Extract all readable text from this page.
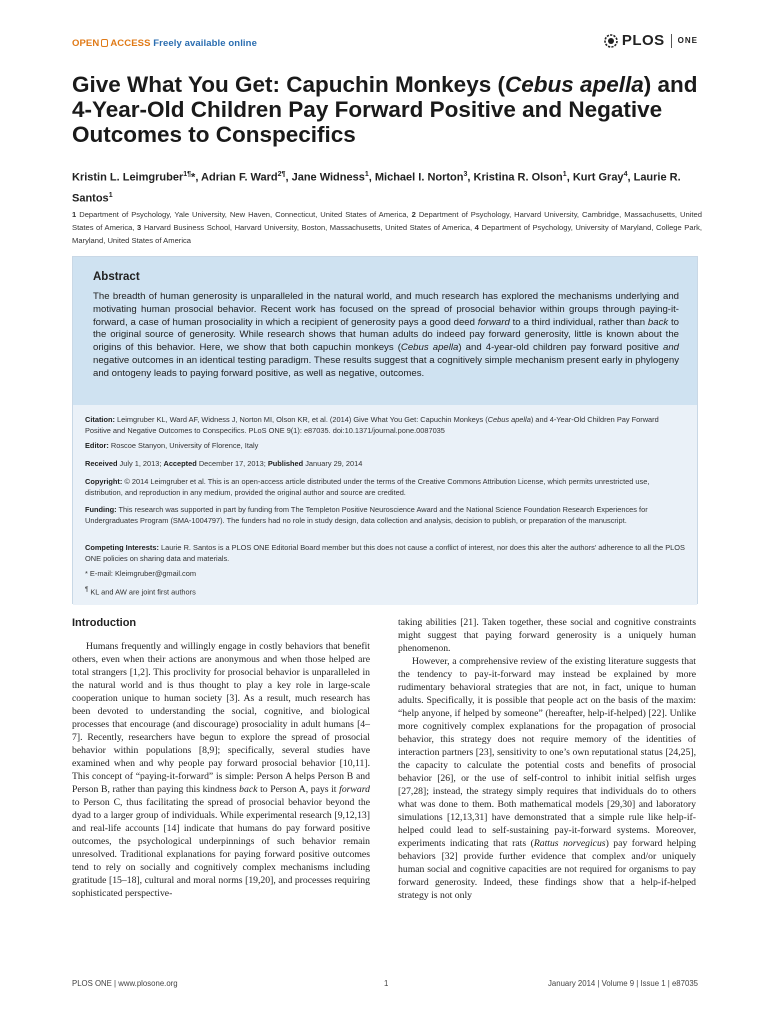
OPEN ACCESS Freely available online	PLOS ONE
Give What You Get: Capuchin Monkeys (Cebus apella) and 4-Year-Old Children Pay Forward Positive and Negative Outcomes to Conspecifics
Kristin L. Leimgruber$^{1\P}$*, Adrian F. Ward$^{2\P}$, Jane Widness$^1$, Michael I. Norton$^3$, Kristina R. Olson$^1$, Kurt Gray$^4$, Laurie R. Santos$^1$
1 Department of Psychology, Yale University, New Haven, Connecticut, United States of America, 2 Department of Psychology, Harvard University, Cambridge, Massachusetts, United States of America, 3 Harvard Business School, Harvard University, Boston, Massachusetts, United States of America, 4 Department of Psychology, University of Maryland, College Park, Maryland, United States of America
Abstract
The breadth of human generosity is unparalleled in the natural world, and much research has explored the mechanisms underlying and motivating human prosocial behavior. Recent work has focused on the spread of prosocial behavior within groups through paying-it-forward, a case of human prosociality in which a recipient of generosity pays a good deed forward to a third individual, rather than back to the original source of generosity. While research shows that human adults do indeed pay forward generosity, little is known about the origins of this behavior. Here, we show that both capuchin monkeys (Cebus apella) and 4-year-old children pay forward positive and negative outcomes in an identical testing paradigm. These results suggest that a cognitively simple mechanism present early in phylogeny and ontogeny leads to paying forward positive, as well as negative, outcomes.
Citation: Leimgruber KL, Ward AF, Widness J, Norton MI, Olson KR, et al. (2014) Give What You Get: Capuchin Monkeys (Cebus apella) and 4-Year-Old Children Pay Forward Positive and Negative Outcomes to Conspecifics. PLoS ONE 9(1): e87035. doi:10.1371/journal.pone.0087035
Editor: Roscoe Stanyon, University of Florence, Italy
Received July 1, 2013; Accepted December 17, 2013; Published January 29, 2014
Copyright: © 2014 Leimgruber et al. This is an open-access article distributed under the terms of the Creative Commons Attribution License, which permits unrestricted use, distribution, and reproduction in any medium, provided the original author and source are credited.
Funding: This research was supported in part by funding from The Templeton Positive Neuroscience Award and the National Science Foundation Research Experiences for Undergraduates Program (SMA-1004797). The funders had no role in study design, data collection and analysis, decision to publish, or preparation of the manuscript.
Competing Interests: Laurie R. Santos is a PLOS ONE Editorial Board member but this does not cause a conflict of interest, nor does this alter the authors' adherence to all the PLOS ONE policies on sharing data and materials.
* E-mail: Kleimgruber@gmail.com
¶ KL and AW are joint first authors
Introduction

Humans frequently and willingly engage in costly behaviors that benefit others, even when their actions are anonymous and when those helped are total strangers [1,2]. This proclivity for prosocial behavior is unparalleled in the natural world and is thus thought to play a key role in large-scale cooperation unique to human society [3]. As a result, much research has been devoted to understanding the social, cognitive, and biological processes that encourage (and discourage) prosociality in adult humans [4–7]. Recently, researchers have begun to explore the spread of prosocial behavior within populations [8,9]; specifically, several studies have examined when and why people pay forward prosocial behavior [10,11]. This concept of “paying-it-forward” is simple: Person A helps Person B and Person B, rather than paying this kindness back to Person A, pays it forward to Person C, thus facilitating the spread of prosocial behavior beyond the dyad to a larger group of individuals. While experimental research [9,12,13] and real-life accounts [14] indicate that humans do pay forward positive outcomes, the psychological underpinnings of such behavior remain unresolved. Traditional explanations for paying forward positive outcomes tend to rely on socially and cognitively complex mechanisms including gratitude [15–18], cultural and moral norms [19,20], and processes requiring sophisticated perspective-

taking abilities [21]. Taken together, these social and cognitive constraints might suggest that paying forward generosity is a uniquely human phenomenon.

However, a comprehensive review of the existing literature suggests that the tendency to pay-it-forward may instead be explained by more rudimentary behavioral strategies that are not, in fact, unique to human adults. Specifically, it is possible that people act on the basis of the maxim: “help anyone, if helped by someone” (hereafter, help-if-helped) [22]. Unlike more cognitively complex explanations for the propagation of prosocial behavior, this strategy does not require memory of the identities of interaction partners [23], sensitivity to one’s own reputational status [24,25], the capacity to calculate the potential costs and benefits of prosocial behavior [26], or the use of self-control to inhibit initial selfish urges [27,28]; instead, the strategy simply requires that individuals do to others what was done to them. Both mathematical models [29,30] and laboratory simulations [12,13,31] have demonstrated that a simple rule like help-if-helped could lead to self-sustaining pay-it-forward systems. Moreover, experiments indicating that rats (Rattus norvegicus) pay forward helping behaviors [32] provide further evidence that complex and/or uniquely human social and cognitive capacities are not required for organisms to pay forward generosity. Indeed, these findings show that a help-if-helped strategy is not only

PLOS ONE | www.plosone.org	1	January 2014 | Volume 9 | Issue 1 | e87035
